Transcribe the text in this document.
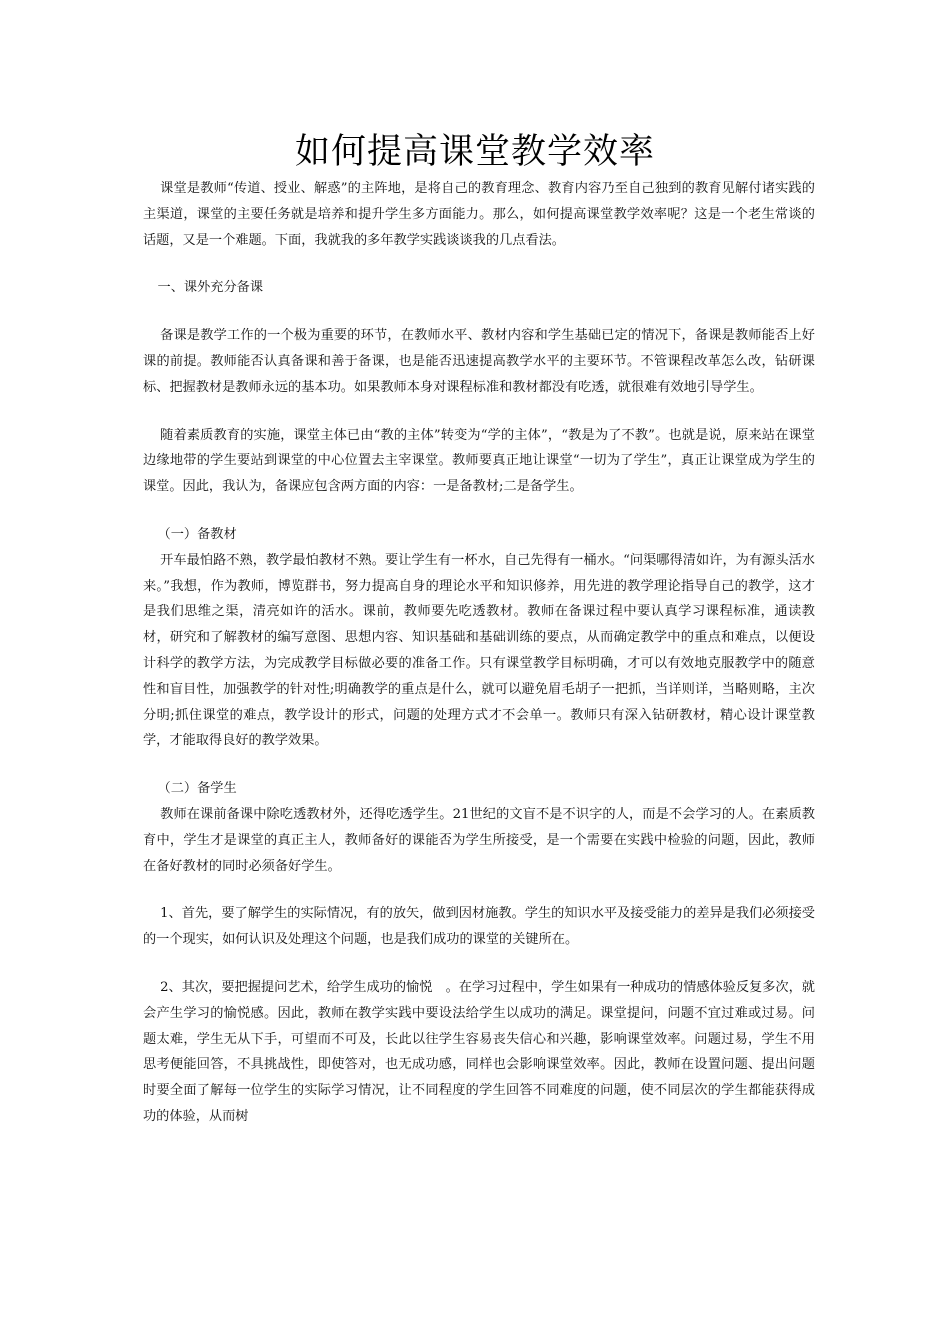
如何提高课堂教学效率

课堂是教师“传道、授业、解惑”的主阵地，是将自己的教育理念、教育内容乃至自己独到的教育见解付诸实践的主渠道，课堂的主要任务就是培养和提升学生多方面能力。那么，如何提高课堂教学效率呢？这是一个老生常谈的话题，又是一个难题。下面，我就我的多年教学实践谈谈我的几点看法。

一、课外充分备课

备课是教学工作的一个极为重要的环节，在教师水平、教材内容和学生基础已定的情况下，备课是教师能否上好课的前提。教师能否认真备课和善于备课，也是能否迅速提高教学水平的主要环节。不管课程改革怎么改，钻研课标、把握教材是教师永远的基本功。如果教师本身对课程标准和教材都没有吃透，就很难有效地引导学生。

随着素质教育的实施，课堂主体已由“教的主体”转变为“学的主体”，“教是为了不教”。也就是说，原来站在课堂边缘地带的学生要站到课堂的中心位置去主宰课堂。教师要真正地让课堂“一切为了学生”，真正让课堂成为学生的课堂。因此，我认为，备课应包含两方面的内容：一是备教材;二是备学生。

（一）备教材

开车最怕路不熟，教学最怕教材不熟。要让学生有一杯水，自己先得有一桶水。“问渠哪得清如许，为有源头活水来。”我想，作为教师，博览群书，努力提高自身的理论水平和知识修养，用先进的教学理论指导自己的教学，这才是我们思维之渠，清亮如许的活水。课前，教师要先吃透教材。教师在备课过程中要认真学习课程标准，通读教材，研究和了解教材的编写意图、思想内容、知识基础和基础训练的要点，从而确定教学中的重点和难点，以便设计科学的教学方法，为完成教学目标做必要的准备工作。只有课堂教学目标明确，才可以有效地克服教学中的随意性和盲目性，加强教学的针对性;明确教学的重点是什么，就可以避免眉毛胡子一把抓，当详则详，当略则略，主次分明;抓住课堂的难点，教学设计的形式，问题的处理方式才不会单一。教师只有深入钻研教材，精心设计课堂教学，才能取得良好的教学效果。

（二）备学生

教师在课前备课中除吃透教材外，还得吃透学生。21世纪的文盲不是不识字的人，而是不会学习的人。在素质教育中，学生才是课堂的真正主人，教师备好的课能否为学生所接受，是一个需要在实践中检验的问题，因此，教师在备好教材的同时必须备好学生。

1、首先，要了解学生的实际情况，有的放矢，做到因材施教。学生的知识水平及接受能力的差异是我们必须接受的一个现实，如何认识及处理这个问题，也是我们成功的课堂的关键所在。

2、其次，要把握提问艺术，给学生成功的愉悦　。在学习过程中，学生如果有一种成功的情感体验反复多次，就会产生学习的愉悦感。因此，教师在教学实践中要设法给学生以成功的满足。课堂提问，问题不宜过难或过易。问题太难，学生无从下手，可望而不可及，长此以往学生容易丧失信心和兴趣，影响课堂效率。问题过易，学生不用思考便能回答，不具挑战性，即使答对，也无成功感，同样也会影响课堂效率。因此，教师在设置问题、提出问题时要全面了解每一位学生的实际学习情况，让不同程度的学生回答不同难度的问题，使不同层次的学生都能获得成功的体验，从而树
